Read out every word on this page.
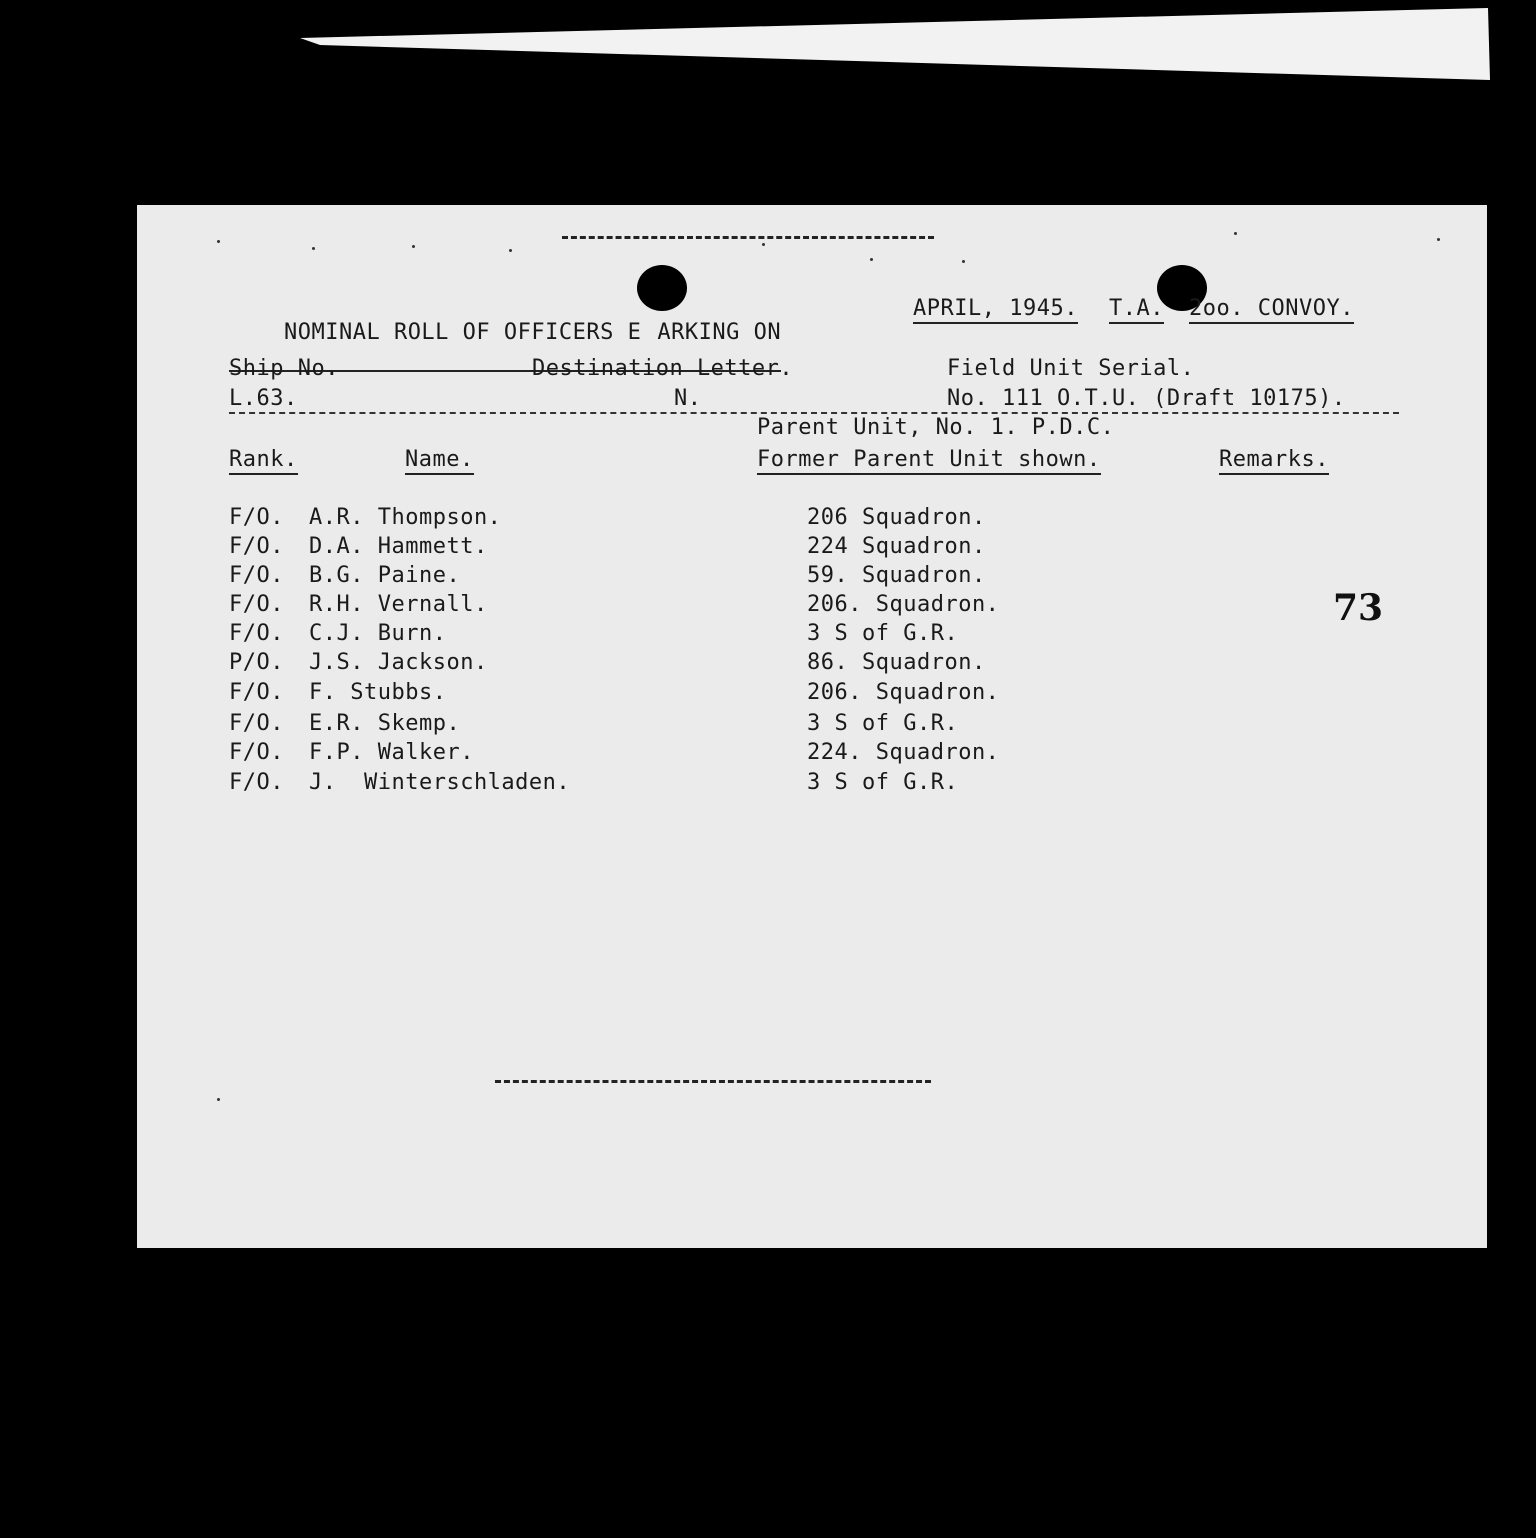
NOMINAL ROLL OF OFFICERS E ARKING ON

APRIL, 1945. T.A. 2oo. CONVOY.
Ship No.
L.63.
Destination Letter.
N.
Field Unit Serial.
No. 111 O.T.U. (Draft 10175).
Parent Unit, No. 1. P.D.C.
Rank.	Name.	Former Parent Unit shown.	Remarks.
F/O. A.R. Thompson.	206 Squadron.
F/O. D.A. Hammett.	224 Squadron.
F/O. B.G. Paine.	59. Squadron.
F/O. R.H. Vernall.	206. Squadron.
F/O. C.J. Burn.	3 S of G.R.
P/O. J.S. Jackson.	86. Squadron.
F/O. F. Stubbs.	206. Squadron.
F/O. E.R. Skemp.	3 S of G.R.
F/O. F.P. Walker.	224. Squadron.
F/O. J.  Winterschladen.	3 S of G.R.
73
